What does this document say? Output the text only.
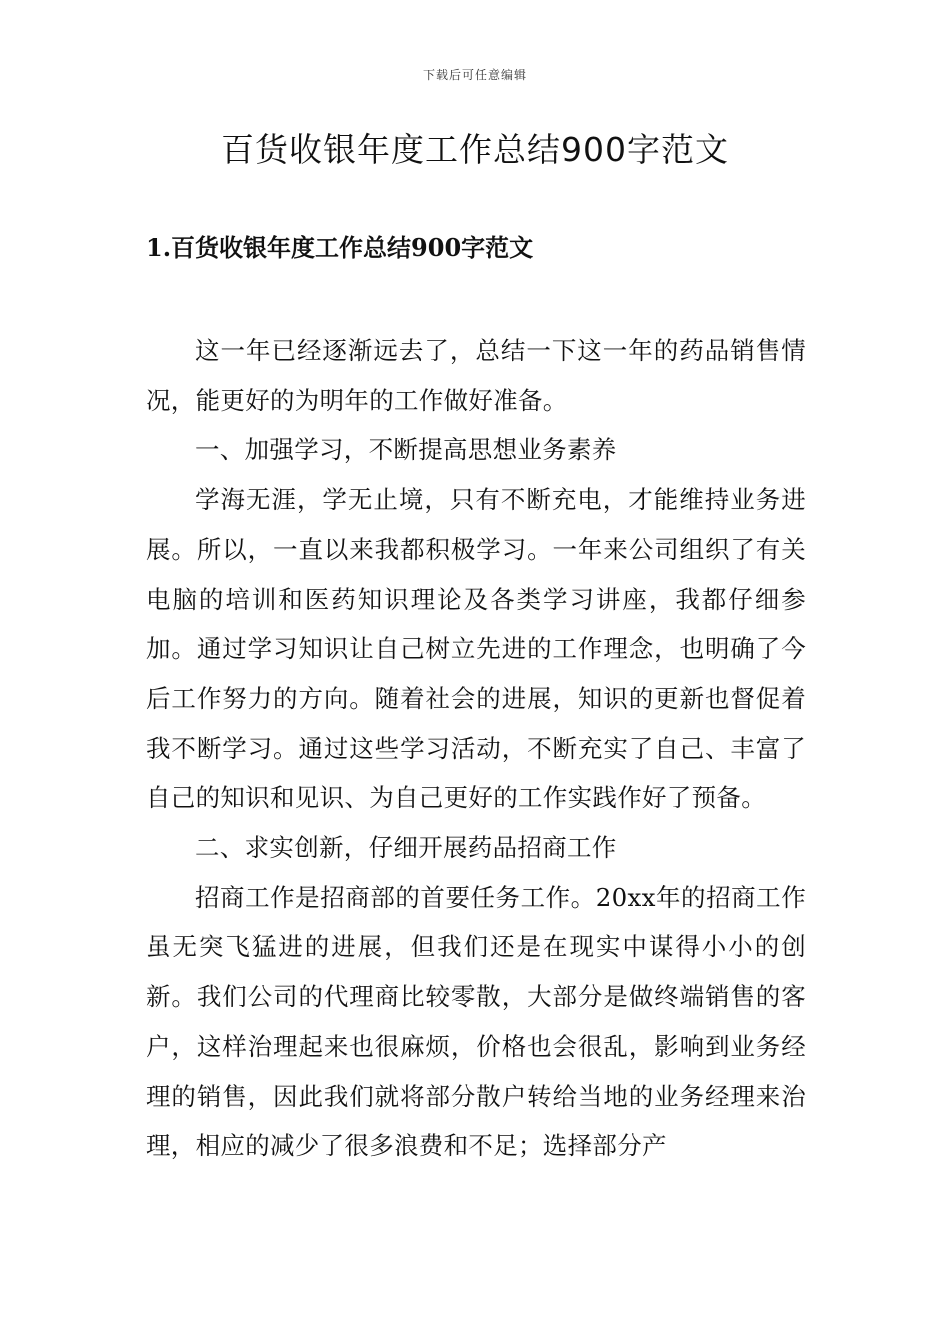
下载后可任意编辑
百货收银年度工作总结900字范文
1.百货收银年度工作总结900字范文

这一年已经逐渐远去了，总结一下这一年的药品销售情况，能更好的为明年的工作做好准备。

一、加强学习，不断提高思想业务素养

学海无涯，学无止境，只有不断充电，才能维持业务进展。所以，一直以来我都积极学习。一年来公司组织了有关电脑的培训和医药知识理论及各类学习讲座，我都仔细参加。通过学习知识让自己树立先进的工作理念，也明确了今后工作努力的方向。随着社会的进展，知识的更新也督促着我不断学习。通过这些学习活动，不断充实了自己、丰富了自己的知识和见识、为自己更好的工作实践作好了预备。

二、求实创新，仔细开展药品招商工作

招商工作是招商部的首要任务工作。20xx年的招商工作虽无突飞猛进的进展，但我们还是在现实中谋得小小的创新。我们公司的代理商比较零散，大部分是做终端销售的客户，这样治理起来也很麻烦，价格也会很乱，影响到业务经理的销售，因此我们就将部分散户转给当地的业务经理来治理，相应的减少了很多浪费和不足；选择部分产
